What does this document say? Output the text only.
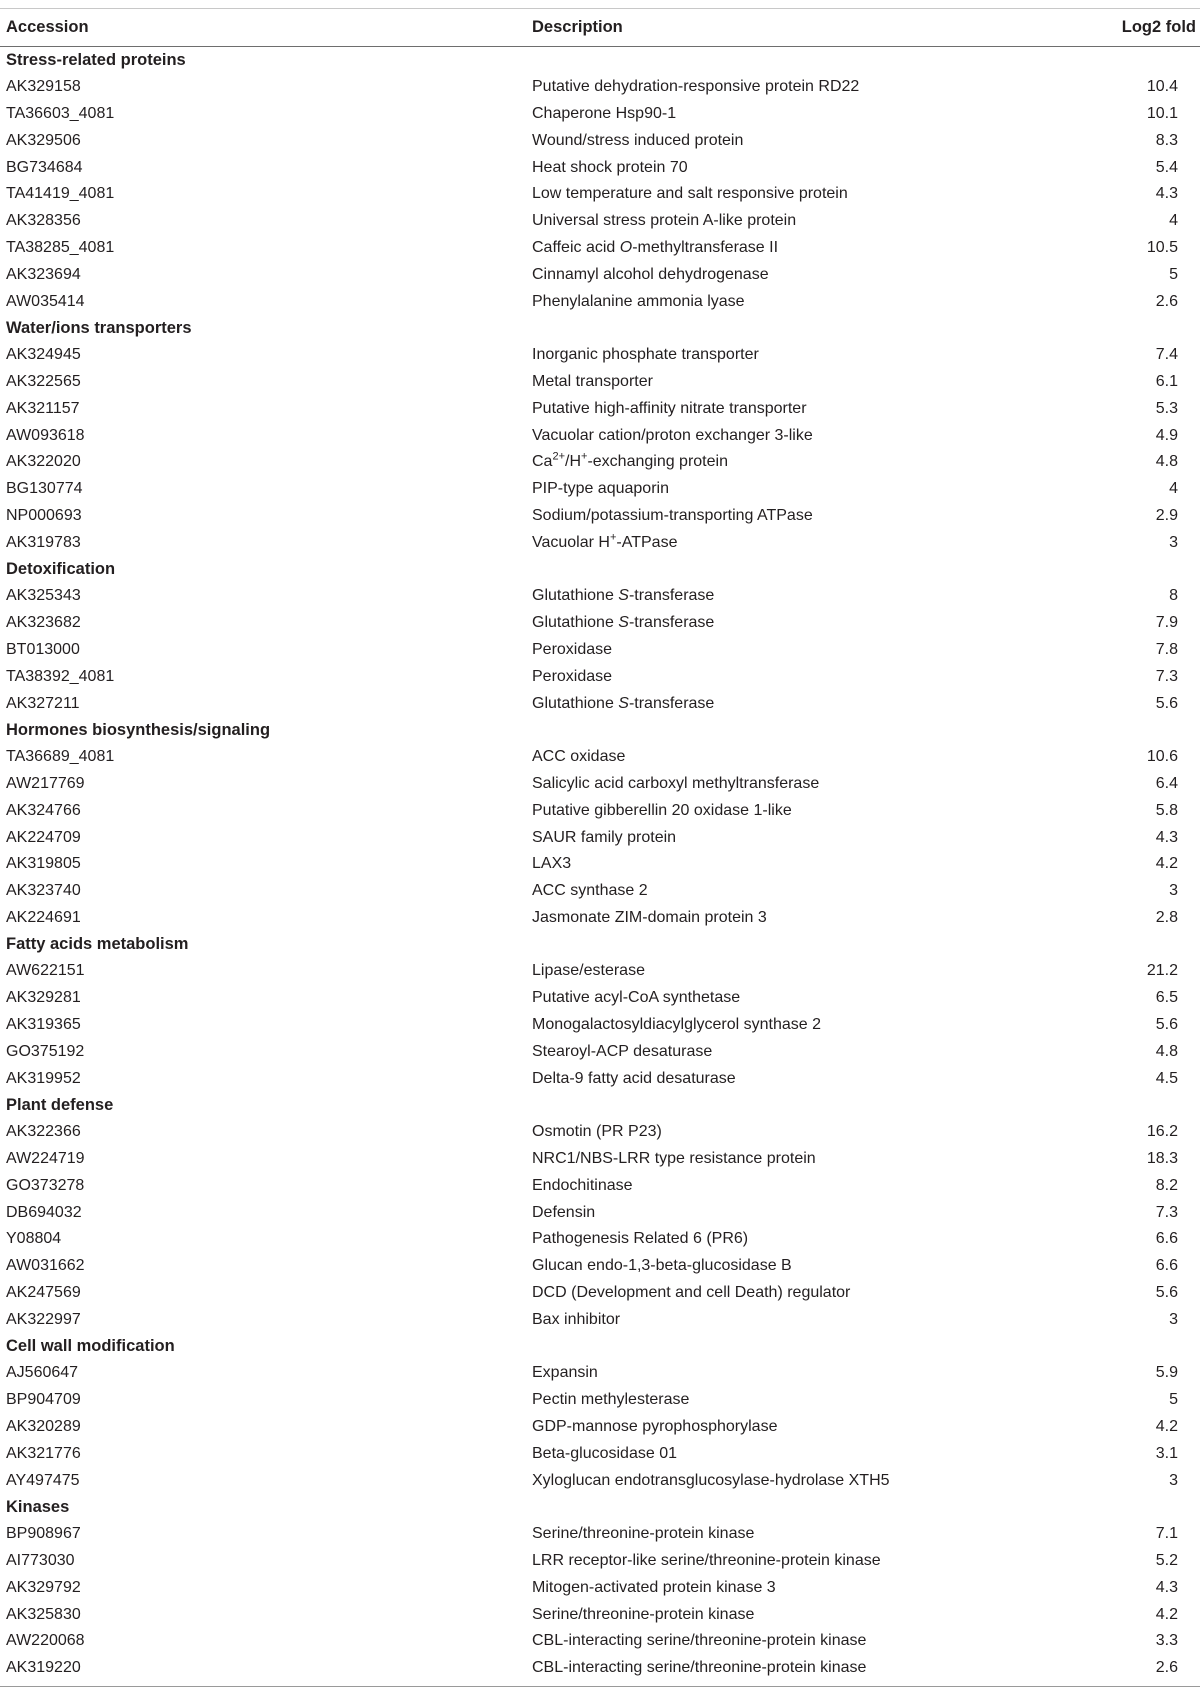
Accession	Description	Log2 fold
Stress-related proteins		
AK329158	Putative dehydration-responsive protein RD22	10.4
TA36603_4081	Chaperone Hsp90-1	10.1
AK329506	Wound/stress induced protein	8.3
BG734684	Heat shock protein 70	5.4
TA41419_4081	Low temperature and salt responsive protein	4.3
AK328356	Universal stress protein A-like protein	4
TA38285_4081	Caffeic acid O-methyltransferase II	10.5
AK323694	Cinnamyl alcohol dehydrogenase	5
AW035414	Phenylalanine ammonia lyase	2.6
Water/ions transporters		
AK324945	Inorganic phosphate transporter	7.4
AK322565	Metal transporter	6.1
AK321157	Putative high-affinity nitrate transporter	5.3
AW093618	Vacuolar cation/proton exchanger 3-like	4.9
AK322020	$Ca^{2+}/H^+$-exchanging protein	4.8
BG130774	PIP-type aquaporin	4
NP000693	Sodium/potassium-transporting ATPase	2.9
AK319783	Vacuolar H+-ATPase	3
Detoxification		
AK325343	Glutathione S-transferase	8
AK323682	Glutathione S-transferase	7.9
BT013000	Peroxidase	7.8
TA38392_4081	Peroxidase	7.3
AK327211	Glutathione S-transferase	5.6
Hormones biosynthesis/signaling		
TA36689_4081	ACC oxidase	10.6
AW217769	Salicylic acid carboxyl methyltransferase	6.4
AK324766	Putative gibberellin 20 oxidase 1-like	5.8
AK224709	SAUR family protein	4.3
AK319805	LAX3	4.2
AK323740	ACC synthase 2	3
AK224691	Jasmonate ZIM-domain protein 3	2.8
Fatty acids metabolism		
AW622151	Lipase/esterase	21.2
AK329281	Putative acyl-CoA synthetase	6.5
AK319365	Monogalactosyldiacylglycerol synthase 2	5.6
GO375192	Stearoyl-ACP desaturase	4.8
AK319952	Delta-9 fatty acid desaturase	4.5
Plant defense		
AK322366	Osmotin (PR P23)	16.2
AW224719	NRC1/NBS-LRR type resistance protein	18.3
GO373278	Endochitinase	8.2
DB694032	Defensin	7.3
Y08804	Pathogenesis Related 6 (PR6)	6.6
AW031662	Glucan endo-1,3-beta-glucosidase B	6.6
AK247569	DCD (Development and cell Death) regulator	5.6
AK322997	Bax inhibitor	3
Cell wall modification		
AJ560647	Expansin	5.9
BP904709	Pectin methylesterase	5
AK320289	GDP-mannose pyrophosphorylase	4.2
AK321776	Beta-glucosidase 01	3.1
AY497475	Xyloglucan endotransglucosylase-hydrolase XTH5	3
Kinases		
BP908967	Serine/threonine-protein kinase	7.1
AI773030	LRR receptor-like serine/threonine-protein kinase	5.2
AK329792	Mitogen-activated protein kinase 3	4.3
AK325830	Serine/threonine-protein kinase	4.2
AW220068	CBL-interacting serine/threonine-protein kinase	3.3
AK319220	CBL-interacting serine/threonine-protein kinase	2.6
